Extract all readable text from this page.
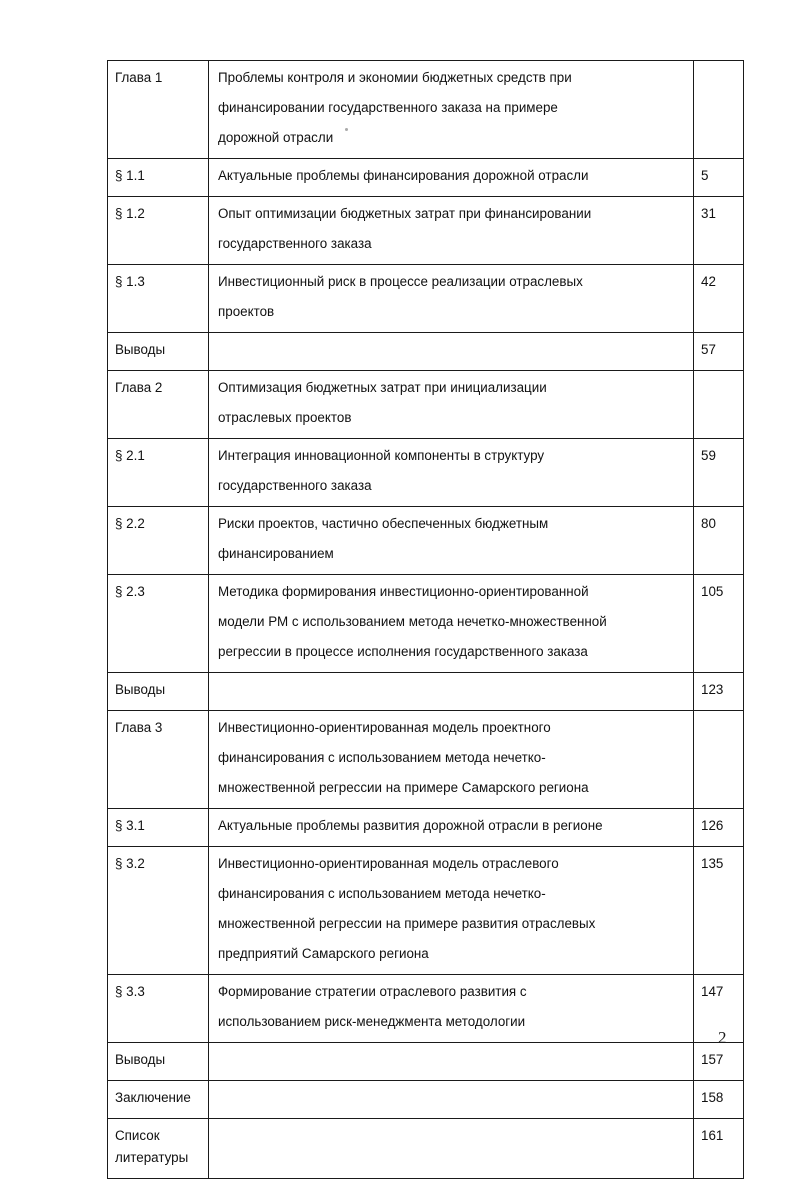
Глава 1	Проблемы контроля и экономии бюджетных средств при
финансировании государственного заказа на примере
дорожной отрасли	

§ 1.1	Актуальные проблемы финансирования дорожной отрасли	5

§ 1.2	Опыт оптимизации бюджетных затрат при финансировании
государственного заказа	31

§ 1.3	Инвестиционный риск в процессе реализации отраслевых
проектов	42

Выводы		57

Глава 2	Оптимизация бюджетных затрат при инициализации
отраслевых проектов	

§ 2.1	Интеграция инновационной компоненты в структуру
государственного заказа	59

§ 2.2	Риски проектов, частично обеспеченных бюджетным
финансированием	80

§ 2.3	Методика формирования инвестиционно-ориентированной
модели РМ с использованием метода нечетко-множественной
регрессии в процессе исполнения государственного заказа	105

Выводы		123

Глава 3	Инвестиционно-ориентированная модель проектного
финансирования с использованием метода нечетко-
множественной регрессии на примере Самарского региона	

§ 3.1	Актуальные проблемы развития дорожной отрасли в регионе	126

§ 3.2	Инвестиционно-ориентированная модель отраслевого
финансирования с использованием метода нечетко-
множественной регрессии на примере развития отраслевых
предприятий Самарского региона	135

§ 3.3	Формирование стратегии отраслевого развития с
использованием риск-менеджмента методологии	147

Выводы		157

Заключение		158

Список
литературы		161
2
